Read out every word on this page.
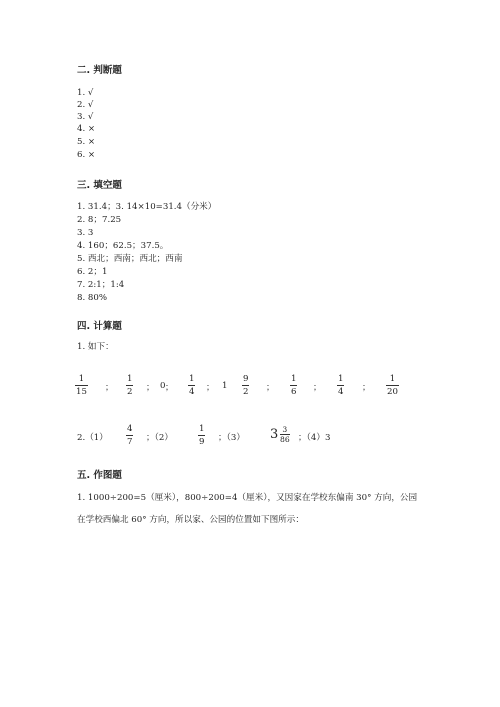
二. 判断题
1. √
2. √
3. √
4. ×
5. ×
6. ×
三. 填空题
1. 31.4；3. 14×10=31.4（分米）
2. 8；7.25
3. 3
4. 160；62.5；37.5。
5. 西北；西南；西北；西南
6. 2；1
7. 2:1；1:4
8. 80%
四. 计算题
1. 如下：
$\frac{1}{15}$ ； $\frac{1}{2}$ ； 0 ； $\frac{1}{4}$ ； $1 \frac{9}{2}$ ； $\frac{1}{6}$ ； $\frac{1}{4}$ ； $\frac{1}{20}$
$2.(1) \frac{4}{7}$ ；（2）	$\frac{1}{9}$ ；（3） $3 \frac{3}{86}$ ；（4）3
五. 作图题
1. 1000÷200=5（厘米），800÷200=4（厘米），又因家在学校东偏南 30° 方向，公园在学校西偏北 60° 方向，所以家、公园的位置如下图所示：
